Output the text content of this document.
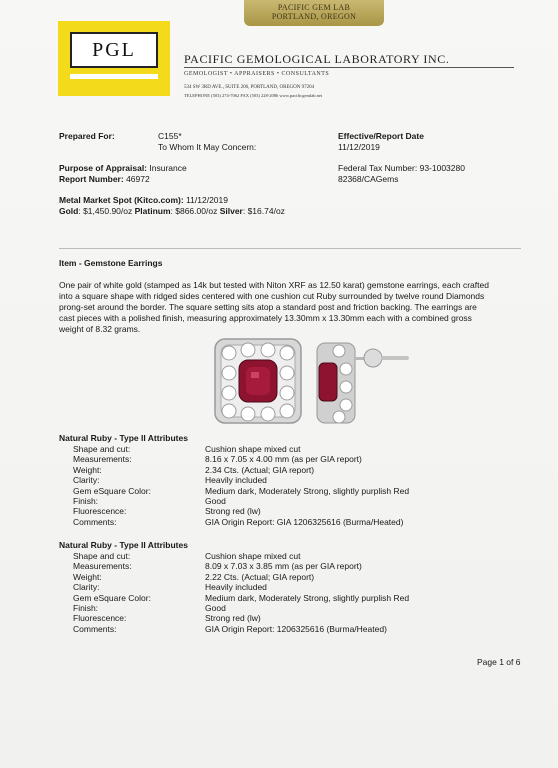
PACIFIC GEM LAB
PORTLAND, OREGON
PGL	PACIFIC GEMOLOGICAL LABORATORY INC.
GEMOLOGIST • APPRAISERS • CONSULTANTS
534 SW 3RD AVE., SUITE 206, PORTLAND, OREGON 97204
TELEPHONE (503) 274-7062 FAX (503) 228-2086 www.pacificgemlab.net
Prepared For:	C155*
To Whom It May Concern:
Effective/Report Date
11/12/2019
Purpose of Appraisal: Insurance
Report Number: 46972
Federal Tax Number: 93-1003280
82368/CAGems
Metal Market Spot (Kitco.com): 11/12/2019
Gold: $1,450.90/oz Platinum: $866.00/oz Silver: $16.74/oz
Item - Gemstone Earrings
One pair of white gold (stamped as 14k but tested with Niton XRF as 12.50 karat) gemstone earrings, each crafted
into a square shape with ridged sides centered with one cushion cut Ruby surrounded by twelve round Diamonds
prong-set around the border. The square setting sits atop a standard post and friction backing. The earrings are
cast pieces with a polished finish, measuring approximately 13.30mm x 13.30mm each with a combined gross
weight of 8.32 grams.
Natural Ruby - Type II Attributes
Shape and cut:	Cushion shape mixed cut
Measurements:	8.16 x 7.05 x 4.00 mm (as per GIA report)
Weight:	2.34 Cts. (Actual; GIA report)
Clarity:	Heavily included
Gem eSquare Color:	Medium dark, Moderately Strong, slightly purplish Red
Finish:	Good
Fluorescence:	Strong red (lw)
Comments:	GIA Origin Report: GIA 1206325616 (Burma/Heated)
Natural Ruby - Type II Attributes
Shape and cut:	Cushion shape mixed cut
Measurements:	8.09 x 7.03 x 3.85 mm (as per GIA report)
Weight:	2.22 Cts. (Actual; GIA report)
Clarity:	Heavily included
Gem eSquare Color:	Medium dark, Moderately Strong, slightly purplish Red
Finish:	Good
Fluorescence:	Strong red (lw)
Comments:	GIA Origin Report: 1206325616 (Burma/Heated)
Page 1 of 6
